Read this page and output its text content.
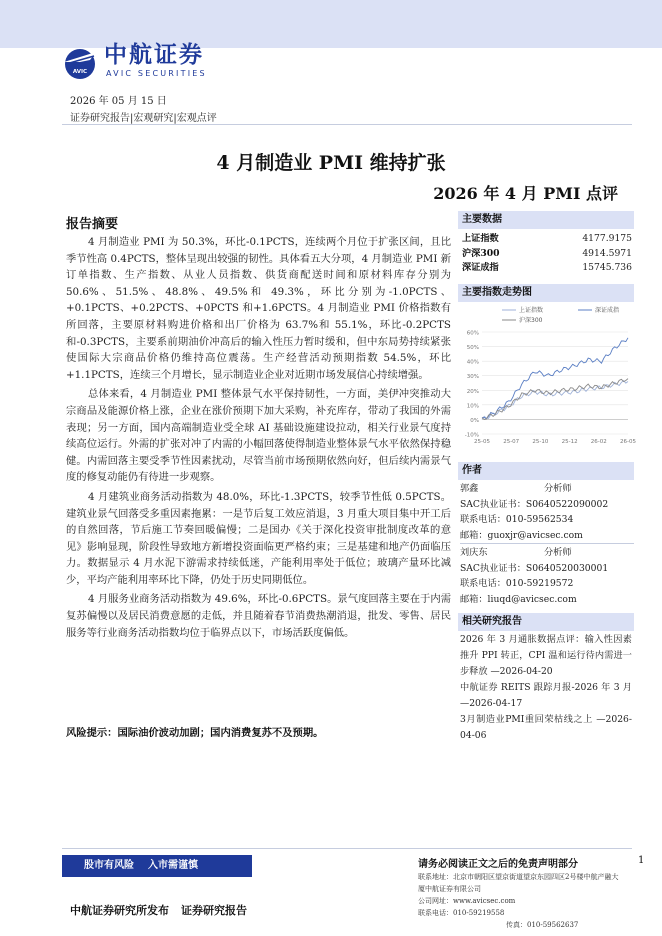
AVIC
中航证券
AVIC SECURITIES
2026 年 05 月 15 日
证券研究报告|宏观研究|宏观点评
4 月制造业 PMI 维持扩张
2026 年 4 月 PMI 点评
报告摘要

4 月制造业 PMI 为 50.3%，环比-0.1PCTS，连续两个月位于扩张区间，且比季节性高 0.4PCTS，整体呈现出较强的韧性。具体看五大分项，4 月制造业 PMI 新订单指数、生产指数、从业人员指数、供货商配送时间和原材料库存分别为 50.6%、51.5%、48.8%、49.5%和 49.3%，环比分别为-1.0PCTS、+0.1PCTS、+0.2PCTS、+0PCTS 和+1.6PCTS。4 月制造业 PMI 价格指数有所回落，主要原材料购进价格和出厂价格为 63.7%和 55.1%，环比-0.2PCTS 和-0.3PCTS，主要系前期油价冲高后的输入性压力暂时缓和，但中东局势持续紧张使国际大宗商品价格仍维持高位震荡。生产经营活动预期指数 54.5%，环比+1.1PCTS，连续三个月增长，显示制造业企业对近期市场发展信心持续增强。

总体来看，4 月制造业 PMI 整体景气水平保持韧性，一方面，美伊冲突推动大宗商品及能源价格上涨，企业在涨价预期下加大采购，补充库存，带动了我国的外需表现；另一方面，国内高端制造业受全球 AI 基础设施建设拉动，相关行业景气度持续高位运行。外需的扩张对冲了内需的小幅回落使得制造业整体景气水平依然保持稳健。内需回落主要受季节性因素扰动，尽管当前市场预期依然向好，但后续内需景气度的修复动能仍有待进一步观察。

4 月建筑业商务活动指数为 48.0%，环比-1.3PCTS，较季节性低 0.5PCTS。建筑业景气回落受多重因素拖累：一是节后复工效应消退，3 月重大项目集中开工后的自然回落，节后施工节奏回暖偏慢；二是国办《关于深化投资审批制度改革的意见》影响显现，阶段性导致地方新增投资面临更严格约束；三是基建和地产仍面临压力。数据显示 4 月水泥下游需求持续低迷，产能利用率处于低位；玻璃产量环比减少，平均产能利用率环比下降，仍处于历史同期低位。

4 月服务业商务活动指数为 49.6%，环比-0.6PCTS。景气度回落主要在于内需复苏偏慢以及居民消费意愿的走低，并且随着春节消费热潮消退，批发、零售、居民服务等行业商务活动指数均位于临界点以下，市场活跃度偏低。

风险提示：国际油价波动加剧；国内消费复苏不及预期。
主要数据
上证指数	4177.9175
沪深300	4914.5971
深证成指	15745.736
主要指数走势图
60%
50%
40%
30%
20%
10%
0%
-10%
25-05 25-07 25-10 25-12 26-02 26-05
上证指数	深证成指
沪深300
作者
郭鑫	分析师
SAC执业证书：S0640522090002
联系电话：010-59562534
邮箱：guoxjr@avicsec.com
刘庆东	分析师
SAC执业证书：S0640520030001
联系电话：010-59219572
邮箱：liuqd@avicsec.com
相关研究报告

2026 年 3 月通胀数据点评：输入性因素推升 PPI 转正，CPI 温和运行待内需进一步释放 —2026-04-20

中航证券 REITS 跟踪月报-2026 年 3 月 —2026-04-17

3月制造业PMI重回荣枯线之上 —2026-04-06

股市有风险 入市需谨慎	请务必阅读正文之后的免责声明部分	1
联系地址：北京市朝阳区望京街道望京东园四区2号楼中航产融大厦中航证券有限公司
公司网址：www.avicsec.com
联系电话：010-59219558
传真：010-59562637
中航证券研究所发布 证券研究报告
